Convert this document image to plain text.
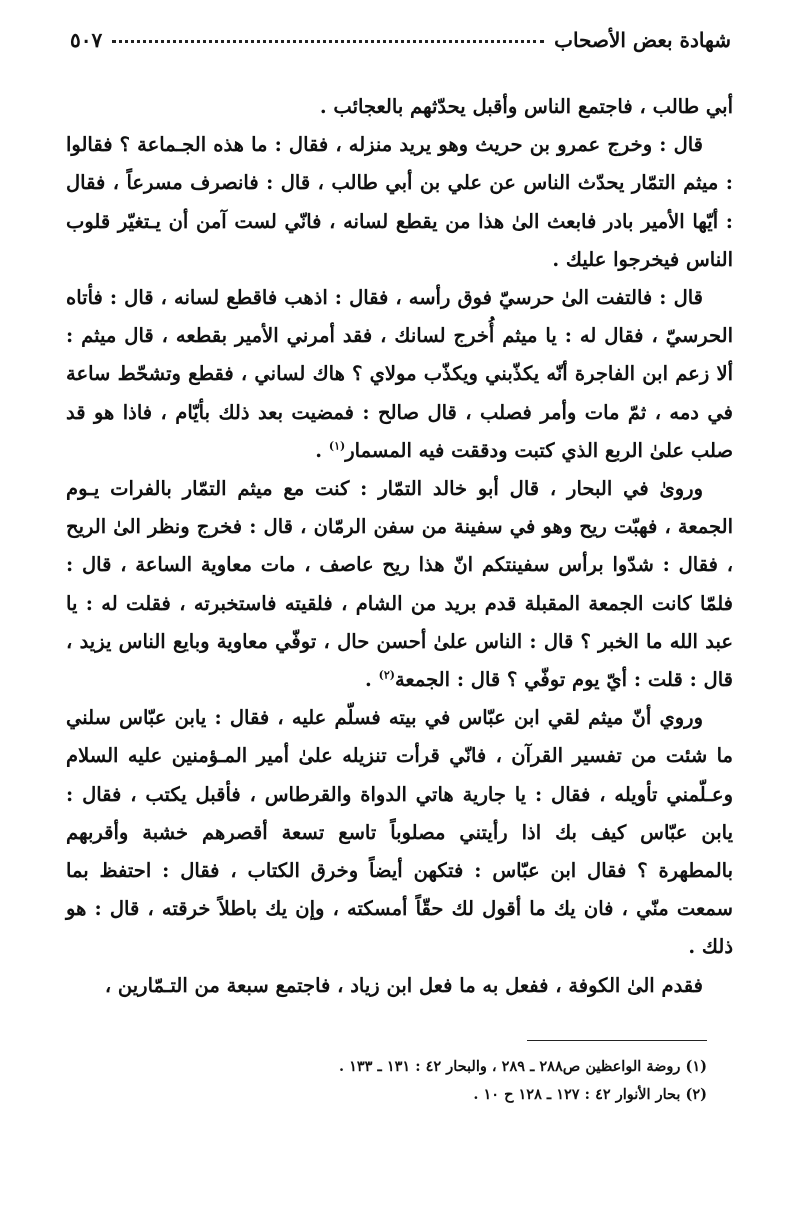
شهادة بعض الأصحاب
٥٠٧

أبي طالب ، فاجتمع الناس وأقبل يحدّثهم بالعجائب .

قال : وخرج عمرو بن حريث وهو يريد منزله ، فقال : ما هذه الجـماعة ؟ فقالوا : ميثم التمّار يحدّث الناس عن علي بن أبي طالب ، قال : فانصرف مسرعاً ، فقال : أيّها الأمير بادر فابعث الىٰ هذا من يقطع لسانه ، فانّي لست آمن أن يـتغيّر قلوب الناس فيخرجوا عليك .

قال : فالتفت الىٰ حرسيّ فوق رأسه ، فقال : اذهب فاقطع لسانه ، قال : فأتاه الحرسيّ ، فقال له : يا ميثم أُخرج لسانك ، فقد أمرني الأمير بقطعه ، قال ميثم : ألا زعم ابن الفاجرة أنّه يكذّبني ويكذّب مولاي ؟ هاك لساني ، فقطع وتشحّط ساعة في دمه ، ثمّ مات وأمر فصلب ، قال صالح : فمضيت بعد ذلك بأيّام ، فاذا هو قد صلب علىٰ الربع الذي كتبت ودققت فيه المسمار$^{(١)}$ .

ورویٰ في البحار ، قال أبو خالد التمّار : كنت مع ميثم التمّار بالفرات يـوم الجمعة ، فهبّت ريح وهو في سفينة من سفن الرمّان ، قال : فخرج ونظر الىٰ الريح ، فقال : شدّوا برأس سفينتكم انّ هذا ريح عاصف ، مات معاوية الساعة ، قال : فلمّا كانت الجمعة المقبلة قدم بريد من الشام ، فلقيته فاستخبرته ، فقلت له : يا عبد الله ما الخبر ؟ قال : الناس علىٰ أحسن حال ، توفّي معاوية وبايع الناس يزيد ، قال : قلت : أيّ يوم توفّي ؟ قال : الجمعة$^{(٢)}$ .

وروي أنّ ميثم لقي ابن عبّاس في بيته فسلّم عليه ، فقال : يابن عبّاس سلني ما شئت من تفسير القرآن ، فانّي قرأت تنزيله علىٰ أمير المـؤمنين عليه السلام وعـلّمني تأويله ، فقال : يا جارية هاتي الدواة والقرطاس ، فأقبل يكتب ، فقال : يابن عبّاس كيف بك اذا رأيتني مصلوباً تاسع تسعة أقصرهم خشبة وأقربهم بالمطهرة ؟ فقال ابن عبّاس : فتكهن أيضاً وخرق الكتاب ، فقال : احتفظ بما سمعت منّي ، فان يك ما أقول لك حقّاً أمسكته ، وإن يك باطلاً خرقته ، قال : هو ذلك .

فقدم الىٰ الكوفة ، ففعل به ما فعل ابن زياد ، فاجتمع سبعة من التـمّارين ،

(١) روضة الواعظين ص٢٨٨ ـ ٢٨٩ ، والبحار ٤٢ : ١٣١ ـ ١٣٣ .
(٢) بحار الأنوار ٤٢ : ١٢٧ ـ ١٢٨ ح ١٠ .
